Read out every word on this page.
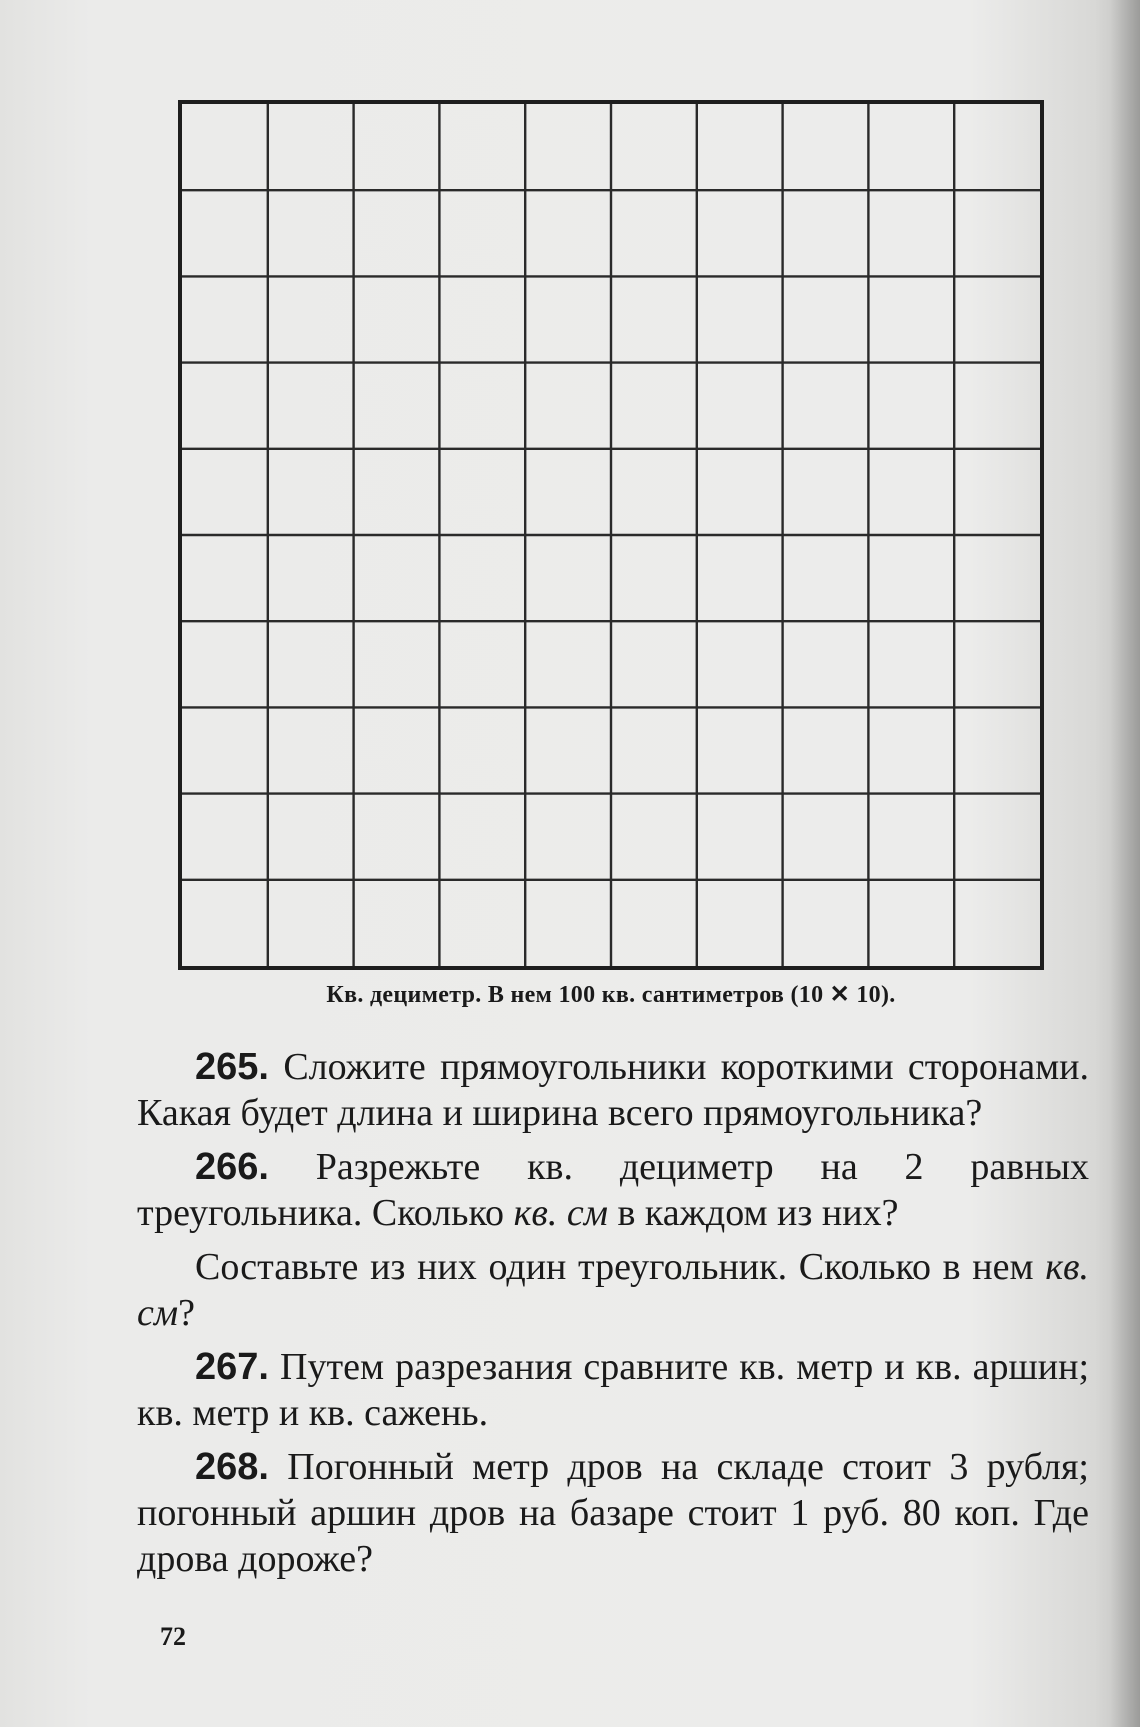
Кв. дециметр. В нем 100 кв. сантиметров (10 ✕ 10).

265. Сложите прямоугольники короткими сторонами. Какая будет длина и ширина всего прямоугольника?

266. Разрежьте кв. дециметр на 2 равных треугольника. Сколько кв. см в каждом из них?

Составьте из них один треугольник. Сколько в нем кв. см?

267. Путем разрезания сравните кв. метр и кв. аршин; кв. метр и кв. сажень.

268. Погонный метр дров на складе стоит 3 рубля; погонный аршин дров на базаре стоит 1 руб. 80 коп. Где дрова дороже?

72
